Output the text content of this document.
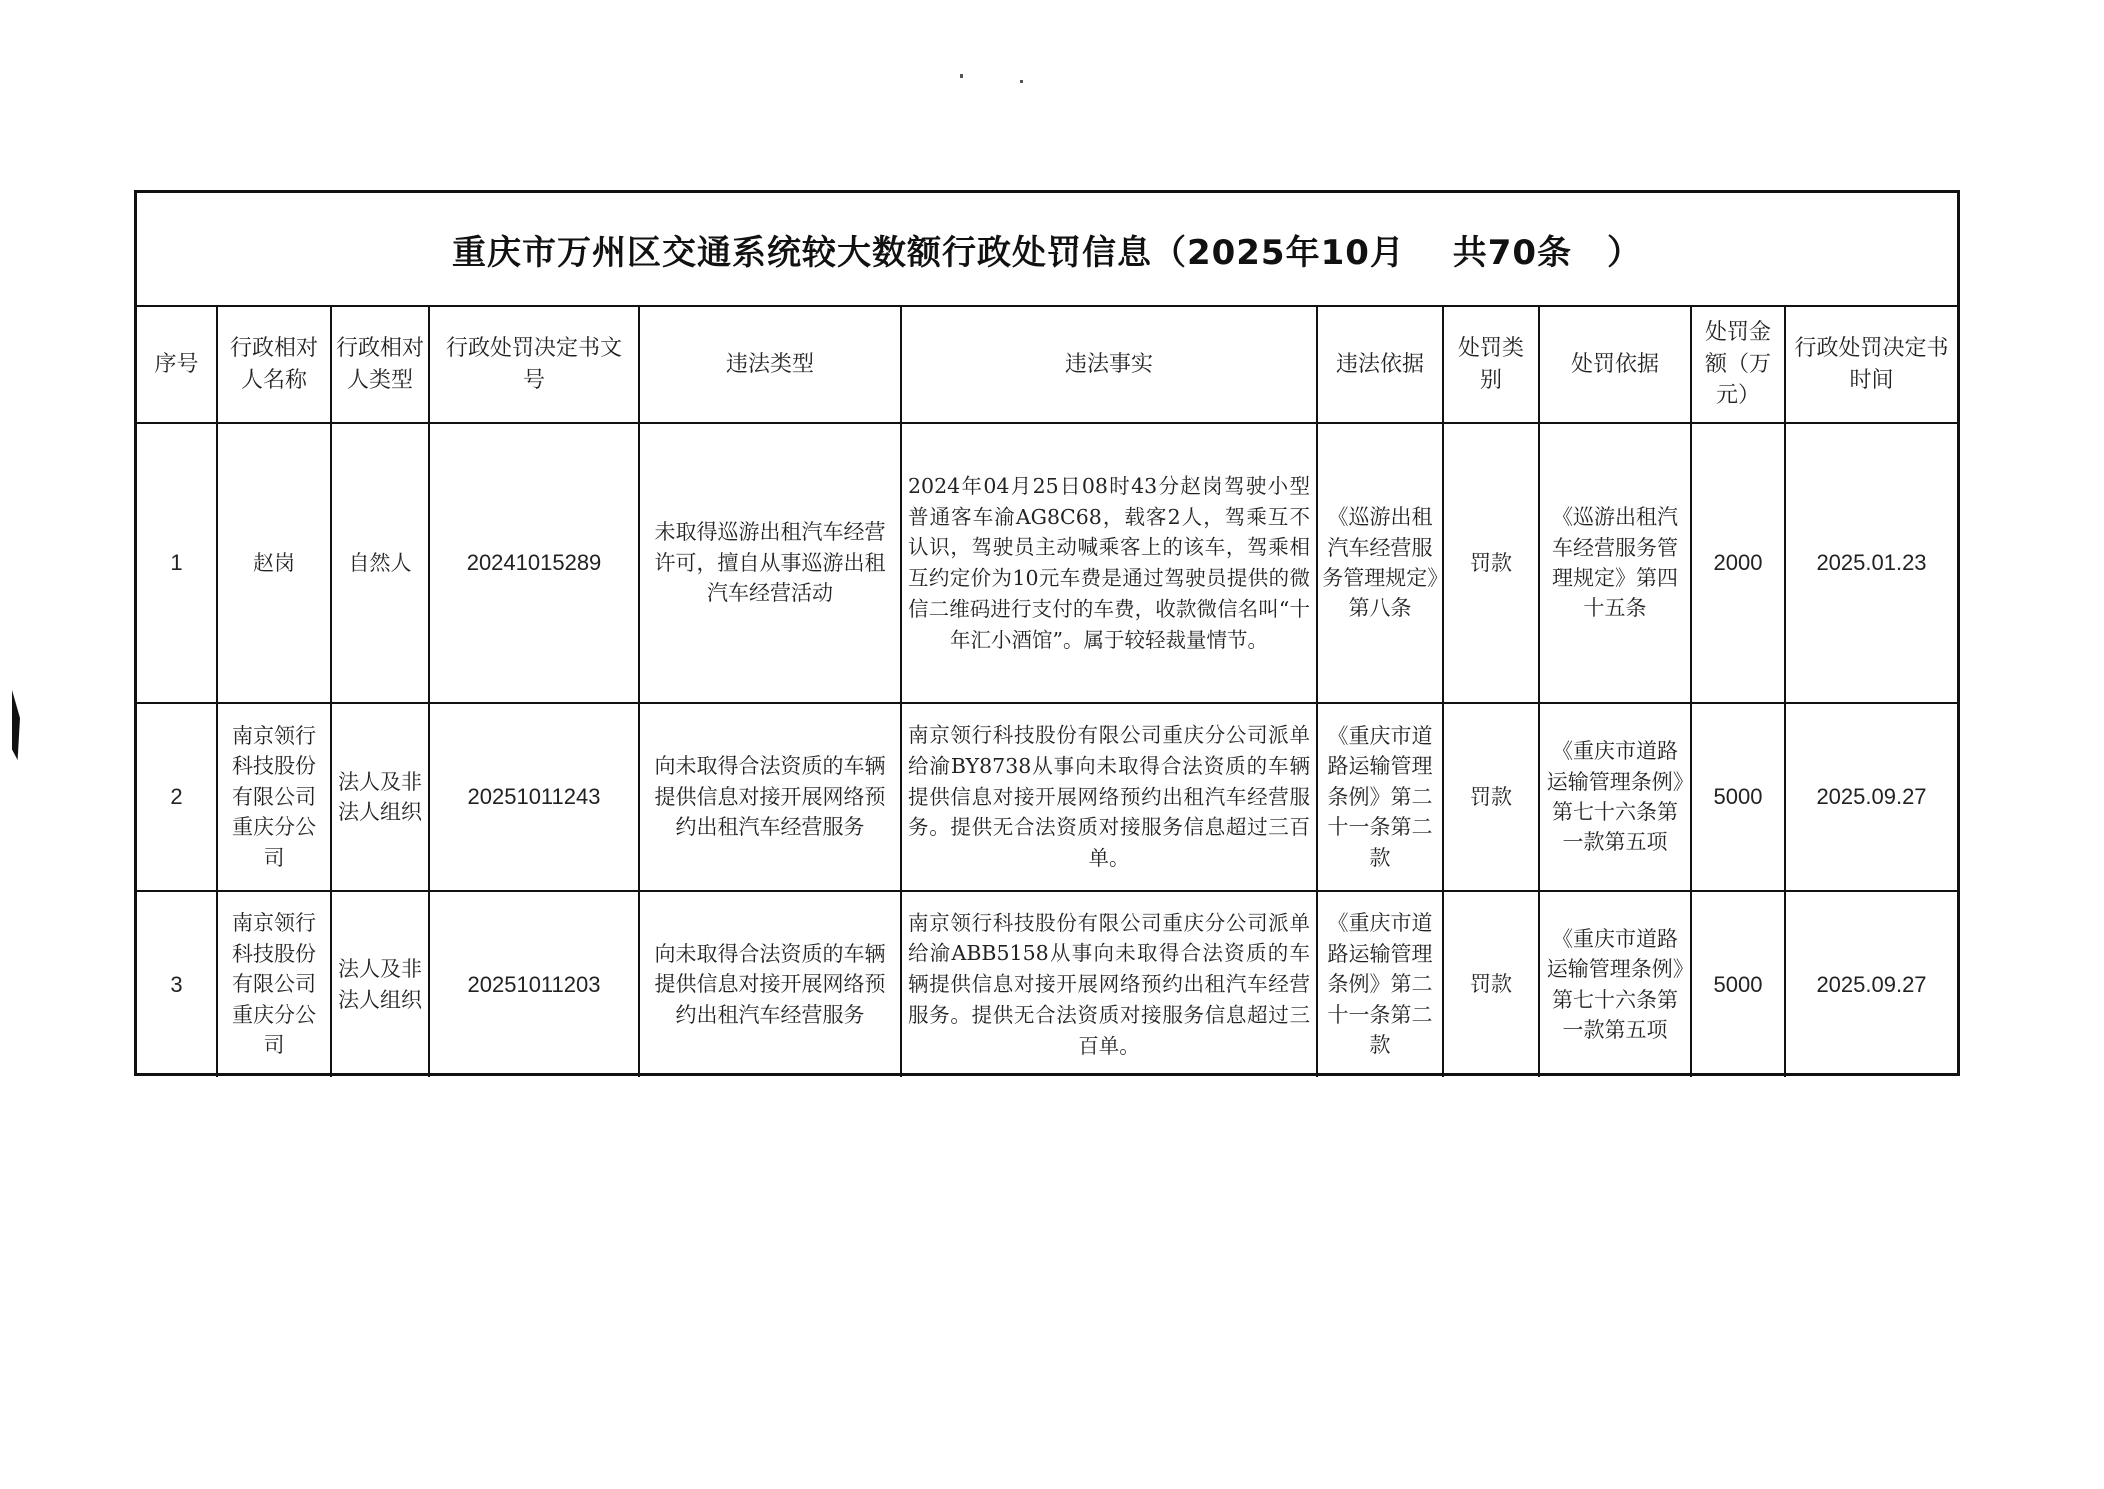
重庆市万州区交通系统较大数额行政处罚信息（2025年10月　 共70条　）
序号	行政相对人名称	行政相对人类型	行政处罚决定书文号	违法类型	违法事实	违法依据	处罚类别	处罚依据	处罚金额（万元）	行政处罚决定书时间
1	赵岗	自然人	20241015289	未取得巡游出租汽车经营许可，擅自从事巡游出租汽车经营活动	2024年04月25日08时43分赵岗驾驶小型普通客车渝AG8C68，载客2人，驾乘互不认识，驾驶员主动喊乘客上的该车，驾乘相互约定价为10元车费是通过驾驶员提供的微信二维码进行支付的车费，收款微信名叫“十年汇小酒馆”。属于较轻裁量情节。	《巡游出租汽车经营服务管理规定》第八条	罚款	《巡游出租汽车经营服务管理规定》第四十五条	2000	2025.01.23
2	南京领行科技股份有限公司重庆分公司	法人及非法人组织	20251011243	向未取得合法资质的车辆提供信息对接开展网络预约出租汽车经营服务	南京领行科技股份有限公司重庆分公司派单给渝BY8738从事向未取得合法资质的车辆提供信息对接开展网络预约出租汽车经营服务。提供无合法资质对接服务信息超过三百单。	《重庆市道路运输管理条例》第二十一条第二款	罚款	《重庆市道路运输管理条例》第七十六条第一款第五项	5000	2025.09.27
3	南京领行科技股份有限公司重庆分公司	法人及非法人组织	20251011203	向未取得合法资质的车辆提供信息对接开展网络预约出租汽车经营服务	南京领行科技股份有限公司重庆分公司派单给渝ABB5158从事向未取得合法资质的车辆提供信息对接开展网络预约出租汽车经营服务。提供无合法资质对接服务信息超过三百单。	《重庆市道路运输管理条例》第二十一条第二款	罚款	《重庆市道路运输管理条例》第七十六条第一款第五项	5000	2025.09.27
